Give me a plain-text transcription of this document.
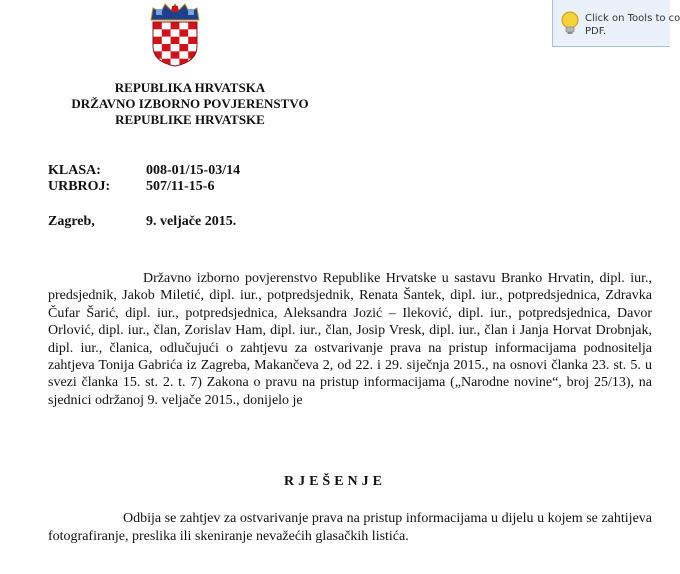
REPUBLIKA HRVATSKA
DRŽAVNO IZBORNO POVJERENSTVO
REPUBLIKE HRVATSKE
KLASA:	008-01/15-03/14
URBROJ:	507/11-15-6
Zagreb,	9. veljače 2015.
Državno izborno povjerenstvo Republike Hrvatske u sastavu Branko Hrvatin, dipl. iur., predsjednik, Jakob Miletić, dipl. iur., potpredsjednik, Renata Šantek, dipl. iur., potpredsjednica, Zdravka Čufar Šarić, dipl. iur., potpredsjednica, Aleksandra Jozić – Ileković, dipl. iur., potpredsjednica, Davor Orlović, dipl. iur., član, Zorislav Ham, dipl. iur., član, Josip Vresk, dipl. iur., član i Janja Horvat Drobnjak, dipl. iur., članica, odlučujući o zahtjevu za ostvarivanje prava na pristup informacijama podnositelja zahtjeva Tonija Gabrića iz Zagreba, Makančeva 2, od 22. i 29. siječnja 2015., na osnovi članka 23. st. 5. u svezi članka 15. st. 2. t. 7) Zakona o pravu na pristup informacijama („Narodne novine“, broj 25/13), na sjednici održanoj 9. veljače 2015., donijelo je
RJEŠENJE
Odbija se zahtjev za ostvarivanje prava na pristup informacijama u dijelu u kojem se zahtijeva fotografiranje, preslika ili skeniranje nevažećih glasačkih listića.
Click on Tools to co
PDF.
